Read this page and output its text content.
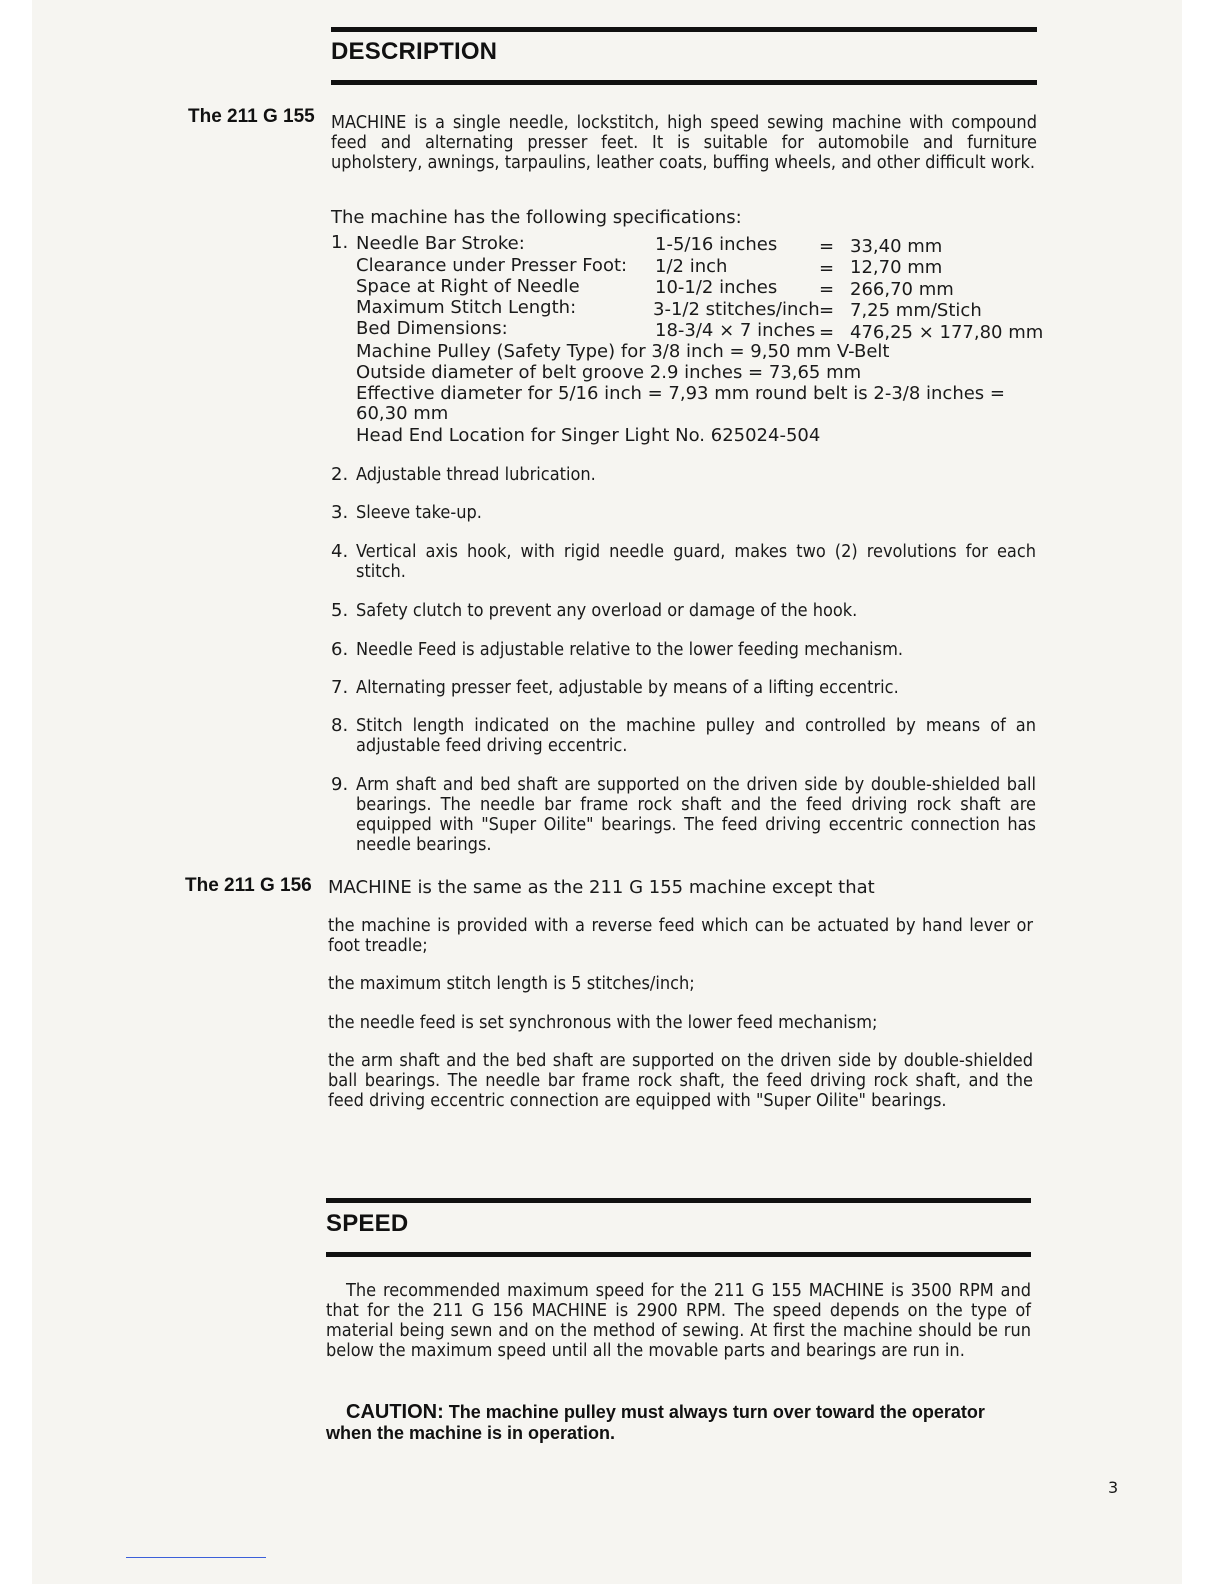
DESCRIPTION
The 211 G 155 MACHINE is a single needle, lockstitch, high speed sewing machine with compound feed and alternating presser feet. It is suitable for automobile and furniture upholstery, awnings, tarpaulins, leather coats, buffing wheels, and other difficult work.
The machine has the following specifications:
1. Needle Bar Stroke:	1-5/16 inches = 33,40 mm
Clearance under Presser Foot: 1/2 inch	= 12,70 mm
Space at Right of Needle	10-1/2 inches = 266,70 mm
Maximum Stitch Length:	3-1/2 stitches/inch = 7,25 mm/Stich
Bed Dimensions:	18-3/4 × 7 inches = 476,25 × 177,80 mm
Machine Pulley (Safety Type) for 3/8 inch = 9,50 mm V-Belt
Outside diameter of belt groove 2.9 inches = 73,65 mm
Effective diameter for 5/16 inch = 7,93 mm round belt is 2-3/8 inches =
60,30 mm
Head End Location for Singer Light No. 625024-504
2. Adjustable thread lubrication.
3. Sleeve take-up.
4. Vertical axis hook, with rigid needle guard, makes two (2) revolutions for each stitch.
5. Safety clutch to prevent any overload or damage of the hook.
6. Needle Feed is adjustable relative to the lower feeding mechanism.
7. Alternating presser feet, adjustable by means of a lifting eccentric.
8. Stitch length indicated on the machine pulley and controlled by means of an adjustable feed driving eccentric.
9. Arm shaft and bed shaft are supported on the driven side by double-shielded ball bearings. The needle bar frame rock shaft and the feed driving rock shaft are equipped with "Super Oilite" bearings. The feed driving eccentric connection has needle bearings.
The 211 G 156 MACHINE is the same as the 211 G 155 machine except that
the machine is provided with a reverse feed which can be actuated by hand lever or foot treadle;
the maximum stitch length is 5 stitches/inch;
the needle feed is set synchronous with the lower feed mechanism;
the arm shaft and the bed shaft are supported on the driven side by double-shielded ball bearings. The needle bar frame rock shaft, the feed driving rock shaft, and the feed driving eccentric connection are equipped with "Super Oilite" bearings.
SPEED
The recommended maximum speed for the 211 G 155 MACHINE is 3500 RPM and that for the 211 G 156 MACHINE is 2900 RPM. The speed depends on the type of material being sewn and on the method of sewing. At first the machine should be run below the maximum speed until all the movable parts and bearings are run in.
CAUTION: The machine pulley must always turn over toward the operator when the machine is in operation.
3
